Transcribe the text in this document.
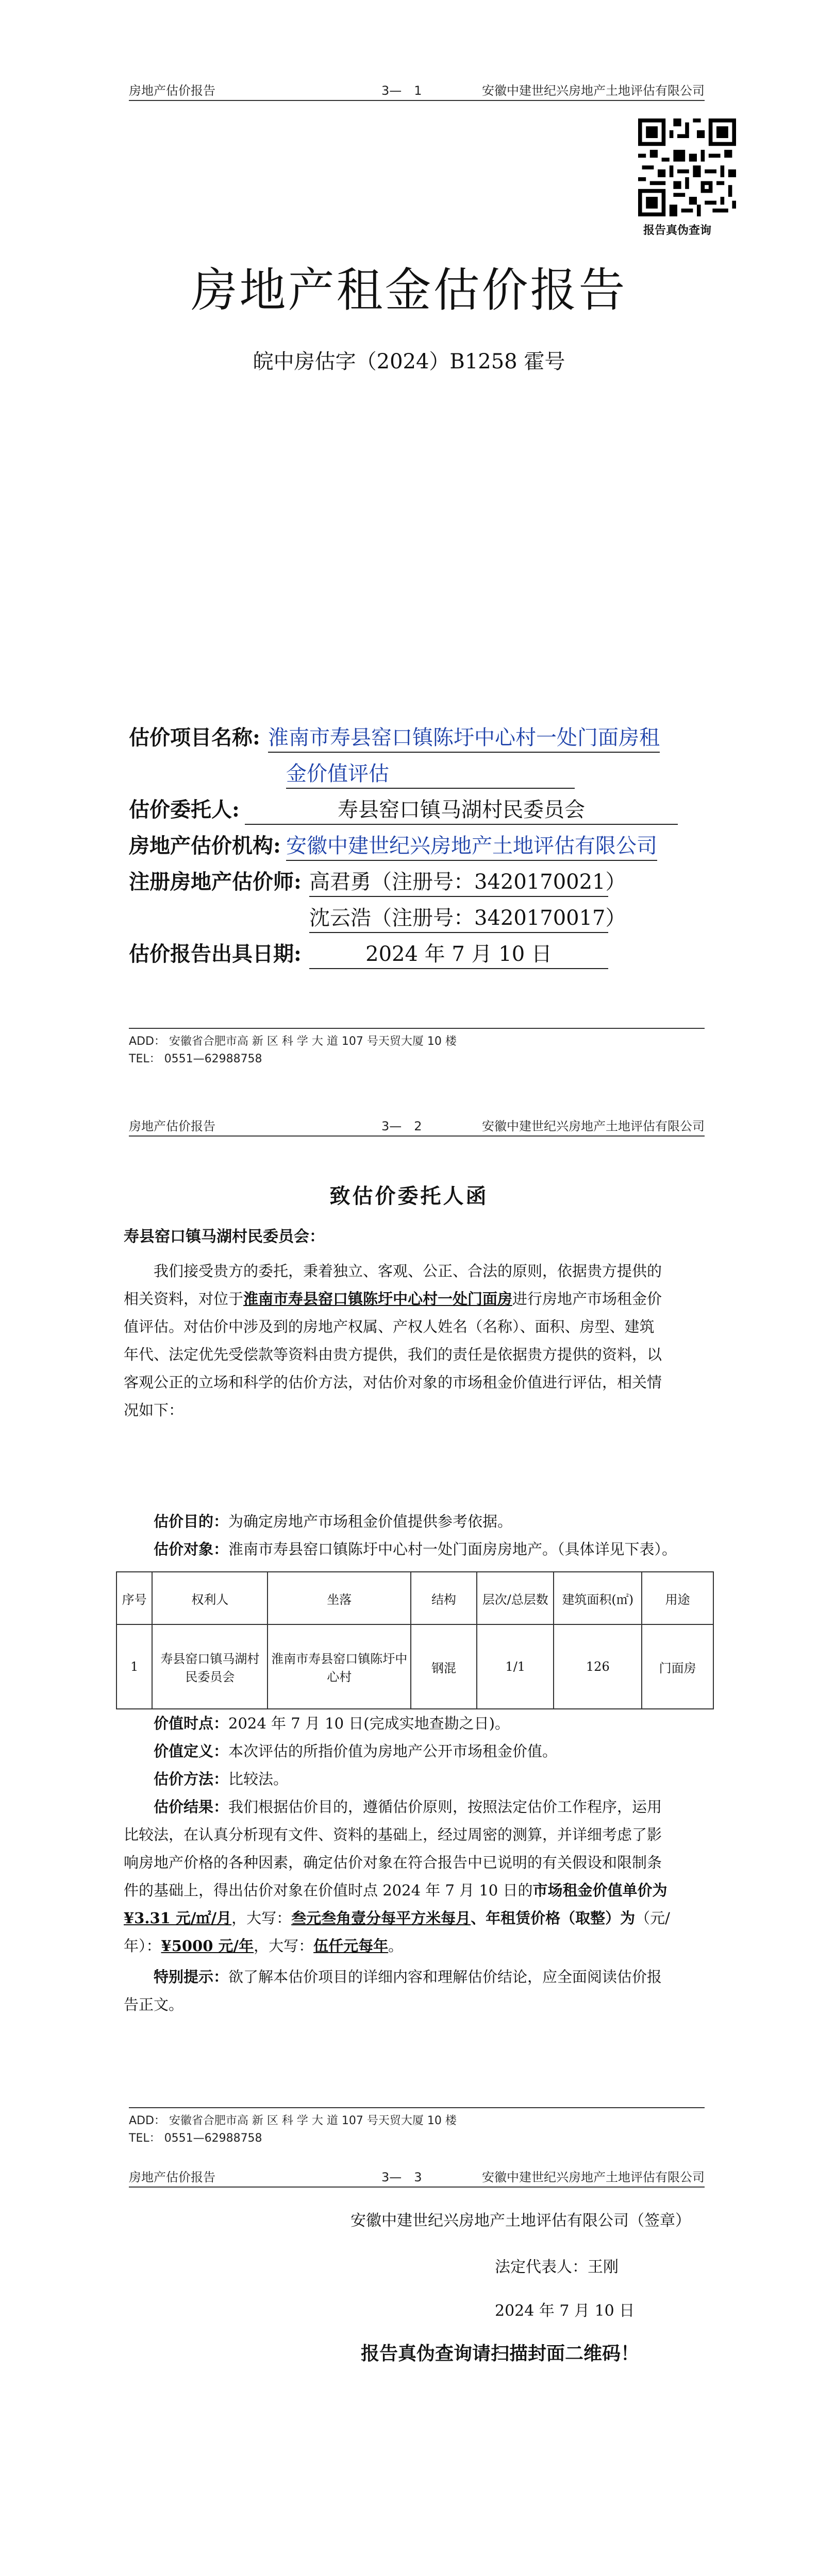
房地产估价报告	3—　1	安徽中建世纪兴房地产土地评估有限公司
报告真伪查询
房地产租金估价报告
皖中房估字（2024）B1258 霍号
估价项目名称: 淮南市寿县窑口镇陈圩中心村一处门面房租
金价值评估
估价委托人:	寿县窑口镇马湖村民委员会
房地产估价机构: 安徽中建世纪兴房地产土地评估有限公司
注册房地产估价师: 高君勇（注册号：3420170021）
沈云浩（注册号：3420170017）
估价报告出具日期:	2024 年 7 月 10 日
ADD： 安徽省合肥市高 新 区 科 学 大 道 107 号天贸大厦 10 楼
TEL： 0551—62988758
房地产估价报告	3—　2	安徽中建世纪兴房地产土地评估有限公司
致估价委托人函
寿县窑口镇马湖村民委员会：
我们接受贵方的委托，秉着独立、客观、公正、合法的原则，依据贵方提供的
相关资料，对位于淮南市寿县窑口镇陈圩中心村一处门面房进行房地产市场租金价
值评估。对估价中涉及到的房地产权属、产权人姓名（名称）、面积、房型、建筑
年代、法定优先受偿款等资料由贵方提供，我们的责任是依据贵方提供的资料，以
客观公正的立场和科学的估价方法，对估价对象的市场租金价值进行评估，相关情
况如下：
估价目的：为确定房地产市场租金价值提供参考依据。
估价对象：淮南市寿县窑口镇陈圩中心村一处门面房房地产。（具体详见下表）。
序号	权利人	坐落	结构	层次/总层数	建筑面积(㎡)	用途
1	寿县窑口镇马湖村民委员会	淮南市寿县窑口镇陈圩中心村	钢混	1/1	126	门面房
价值时点：2024 年 7 月 10 日(完成实地查勘之日)。
价值定义：本次评估的所指价值为房地产公开市场租金价值。
估价方法：比较法。
估价结果：我们根据估价目的，遵循估价原则，按照法定估价工作程序，运用
比较法，在认真分析现有文件、资料的基础上，经过周密的测算，并详细考虑了影
响房地产价格的各种因素，确定估价对象在符合报告中已说明的有关假设和限制条
件的基础上，得出估价对象在价值时点 2024 年 7 月 10 日的市场租金价值单价为
¥3.31 元/㎡/月，大写：叁元叁角壹分每平方米每月、年租赁价格（取整）为（元/
年）：¥5000 元/年，大写：伍仟元每年。
特别提示：欲了解本估价项目的详细内容和理解估价结论，应全面阅读估价报
告正文。
ADD： 安徽省合肥市高 新 区 科 学 大 道 107 号天贸大厦 10 楼
TEL： 0551—62988758
房地产估价报告	3—　3	安徽中建世纪兴房地产土地评估有限公司
安徽中建世纪兴房地产土地评估有限公司（签章）
法定代表人：王刚
2024 年 7 月 10 日
报告真伪查询请扫描封面二维码！
